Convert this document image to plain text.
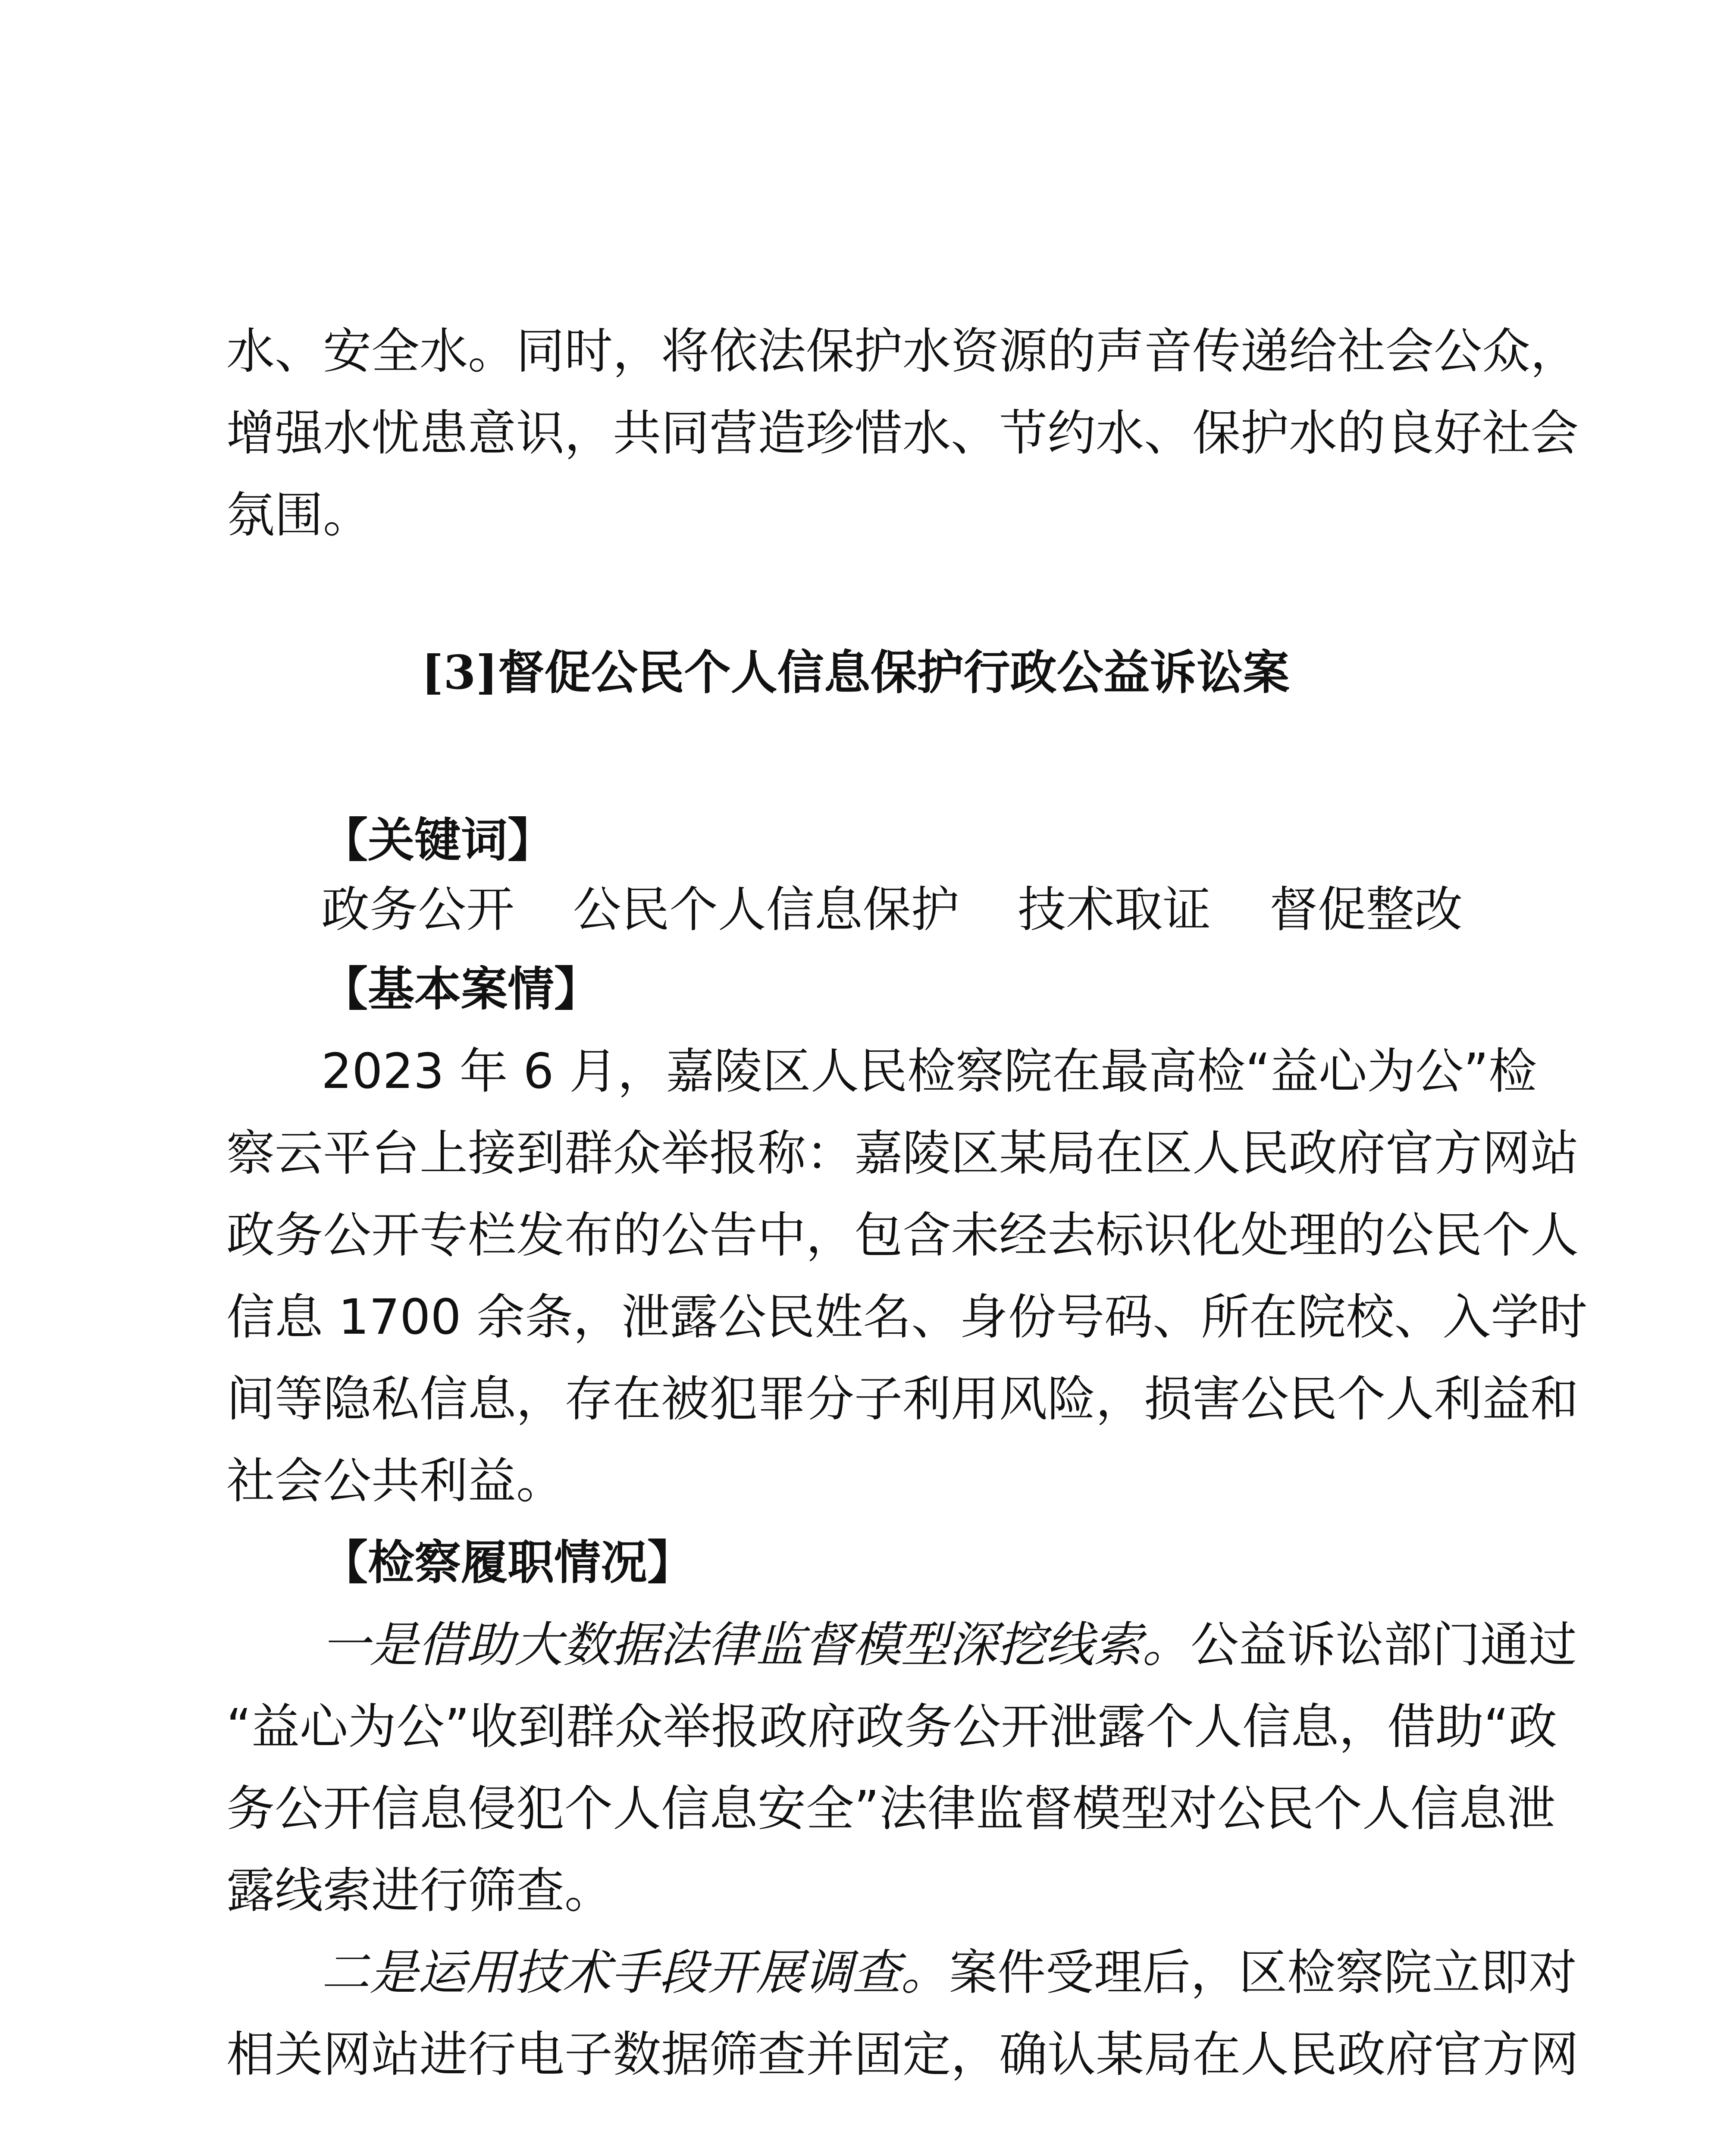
水、安全水。同时，将依法保护水资源的声音传递给社会公众，

增强水忧患意识，共同营造珍惜水、节约水、保护水的良好社会

氛围。

[3]督促公民个人信息保护行政公益诉讼案

【关键词】

政务公开 公民个人信息保护 技术取证 督促整改

【基本案情】

2023 年 6 月，嘉陵区人民检察院在最高检“益心为公”检

察云平台上接到群众举报称：嘉陵区某局在区人民政府官方网站

政务公开专栏发布的公告中，包含未经去标识化处理的公民个人

信息 1700 余条，泄露公民姓名、身份号码、所在院校、入学时

间等隐私信息，存在被犯罪分子利用风险，损害公民个人利益和

社会公共利益。

【检察履职情况】

一是借助大数据法律监督模型深挖线索。公益诉讼部门通过

“益心为公”收到群众举报政府政务公开泄露个人信息，借助“政

务公开信息侵犯个人信息安全”法律监督模型对公民个人信息泄

露线索进行筛查。

二是运用技术手段开展调查。案件受理后，区检察院立即对

相关网站进行电子数据筛查并固定，确认某局在人民政府官方网
